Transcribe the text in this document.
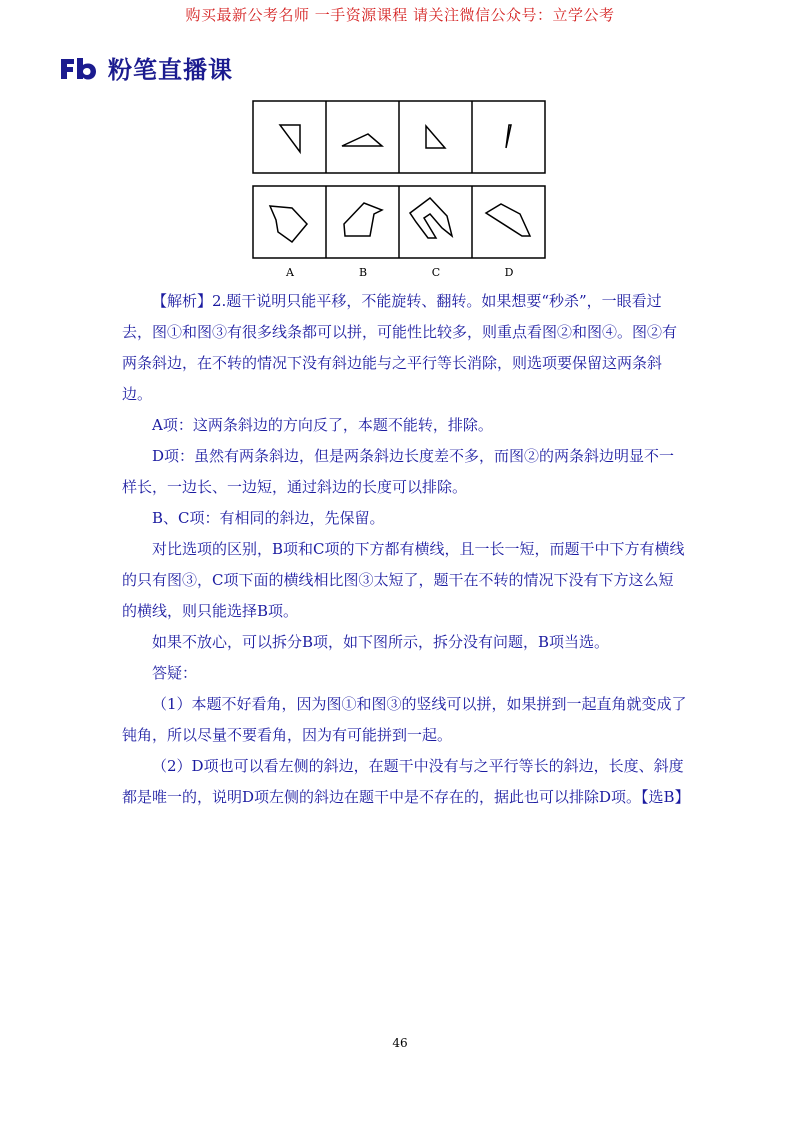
购买最新公考名师 一手资源课程 请关注微信公众号：立学公考
粉笔直播课
A	B	C	D

【解析】2.题干说明只能平移，不能旋转、翻转。如果想要“秒杀”，一眼看过去，图①和图③有很多线条都可以拼，可能性比较多，则重点看图②和图④。图②有两条斜边，在不转的情况下没有斜边能与之平行等长消除，则选项要保留这两条斜边。

A项：这两条斜边的方向反了，本题不能转，排除。

D项：虽然有两条斜边，但是两条斜边长度差不多，而图②的两条斜边明显不一样长，一边长、一边短，通过斜边的长度可以排除。

B、C项：有相同的斜边，先保留。

对比选项的区别，B项和C项的下方都有横线，且一长一短，而题干中下方有横线的只有图③，C项下面的横线相比图③太短了，题干在不转的情况下没有下方这么短的横线，则只能选择B项。

如果不放心，可以拆分B项，如下图所示，拆分没有问题，B项当选。

答疑：

（1）本题不好看角，因为图①和图③的竖线可以拼，如果拼到一起直角就变成了钝角，所以尽量不要看角，因为有可能拼到一起。

（2）D项也可以看左侧的斜边，在题干中没有与之平行等长的斜边，长度、斜度都是唯一的，说明D项左侧的斜边在题干中是不存在的，据此也可以排除D项。【选B】

46
